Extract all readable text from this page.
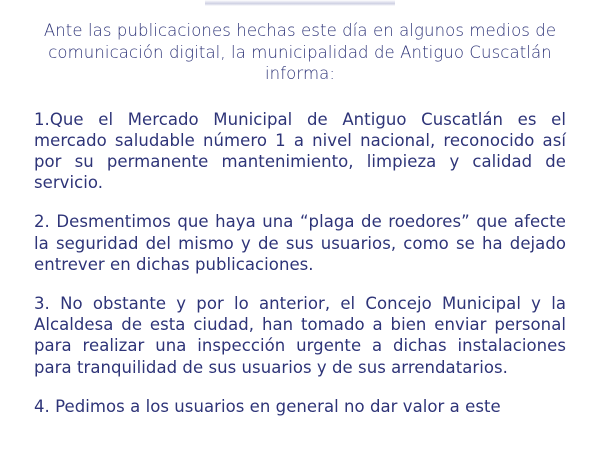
Ante las publicaciones hechas este día en algunos medios de comunicación digital, la municipalidad de Antiguo Cuscatlán informa:

1.Que el Mercado Municipal de Antiguo Cuscatlán es el mercado saludable número 1 a nivel nacional, reconocido así por su permanente mantenimiento, limpieza y calidad de servicio.

2. Desmentimos que haya una “plaga de roedores” que afecte la seguridad del mismo y de sus usuarios, como se ha dejado entrever en dichas publicaciones.

3. No obstante y por lo anterior, el Concejo Municipal y la Alcaldesa de esta ciudad, han tomado a bien enviar personal para realizar una inspección urgente a dichas instalaciones para tranquilidad de sus usuarios y de sus arrendatarios.

4. Pedimos a los usuarios en general no dar valor a este
